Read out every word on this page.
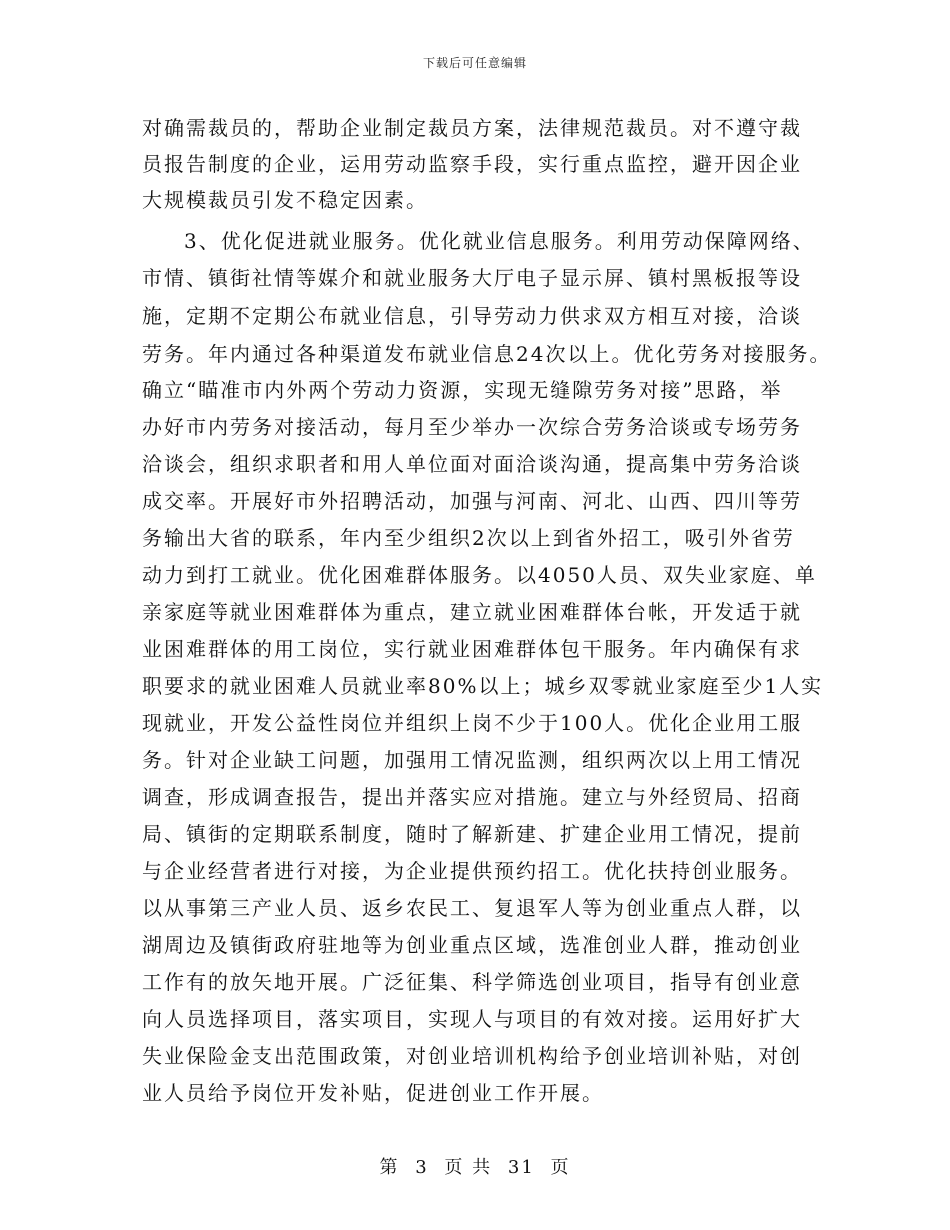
下载后可任意编辑
对确需裁员的，帮助企业制定裁员方案，法律规范裁员。对不遵守裁
员报告制度的企业，运用劳动监察手段，实行重点监控，避开因企业
大规模裁员引发不稳定因素。
3、优化促进就业服务。优化就业信息服务。利用劳动保障网络、
市情、镇街社情等媒介和就业服务大厅电子显示屏、镇村黑板报等设
施，定期不定期公布就业信息，引导劳动力供求双方相互对接，洽谈
劳务。年内通过各种渠道发布就业信息24次以上。优化劳务对接服务。
确立“瞄准市内外两个劳动力资源，实现无缝隙劳务对接”思路，举
办好市内劳务对接活动，每月至少举办一次综合劳务洽谈或专场劳务
洽谈会，组织求职者和用人单位面对面洽谈沟通，提高集中劳务洽谈
成交率。开展好市外招聘活动，加强与河南、河北、山西、四川等劳
务输出大省的联系，年内至少组织2次以上到省外招工，吸引外省劳
动力到打工就业。优化困难群体服务。以4050人员、双失业家庭、单
亲家庭等就业困难群体为重点，建立就业困难群体台帐，开发适于就
业困难群体的用工岗位，实行就业困难群体包干服务。年内确保有求
职要求的就业困难人员就业率80%以上；城乡双零就业家庭至少1人实
现就业，开发公益性岗位并组织上岗不少于100人。优化企业用工服
务。针对企业缺工问题，加强用工情况监测，组织两次以上用工情况
调查，形成调查报告，提出并落实应对措施。建立与外经贸局、招商
局、镇街的定期联系制度，随时了解新建、扩建企业用工情况，提前
与企业经营者进行对接，为企业提供预约招工。优化扶持创业服务。
以从事第三产业人员、返乡农民工、复退军人等为创业重点人群，以
湖周边及镇街政府驻地等为创业重点区域，选准创业人群，推动创业
工作有的放矢地开展。广泛征集、科学筛选创业项目，指导有创业意
向人员选择项目，落实项目，实现人与项目的有效对接。运用好扩大
失业保险金支出范围政策，对创业培训机构给予创业培训补贴，对创
业人员给予岗位开发补贴，促进创业工作开展。
第 3 页 共 31 页
